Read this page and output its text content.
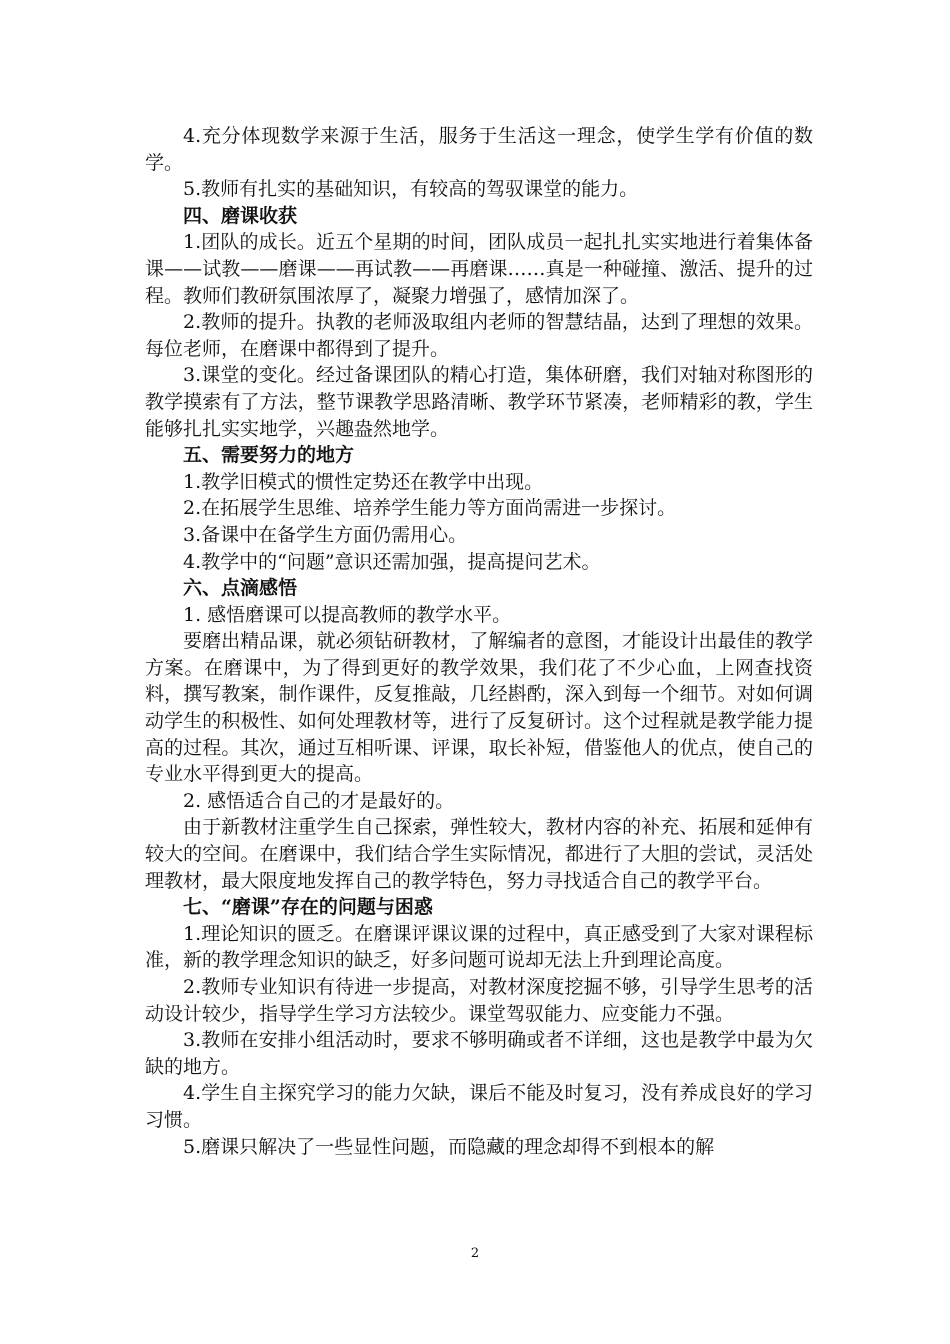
4.充分体现数学来源于生活，服务于生活这一理念，使学生学有价值的数学。

5.教师有扎实的基础知识，有较高的驾驭课堂的能力。

四、磨课收获

1.团队的成长。近五个星期的时间，团队成员一起扎扎实实地进行着集体备课——试教——磨课——再试教——再磨课……真是一种碰撞、激活、提升的过程。教师们教研氛围浓厚了，凝聚力增强了，感情加深了。

2.教师的提升。执教的老师汲取组内老师的智慧结晶，达到了理想的效果。每位老师，在磨课中都得到了提升。

3.课堂的变化。经过备课团队的精心打造，集体研磨，我们对轴对称图形的教学摸索有了方法，整节课教学思路清晰、教学环节紧凑，老师精彩的教，学生能够扎扎实实地学，兴趣盎然地学。

五、需要努力的地方

1.教学旧模式的惯性定势还在教学中出现。

2.在拓展学生思维、培养学生能力等方面尚需进一步探讨。

3.备课中在备学生方面仍需用心。

4.教学中的“问题”意识还需加强，提高提问艺术。

六、点滴感悟

1. 感悟磨课可以提高教师的教学水平。

要磨出精品课，就必须钻研教材，了解编者的意图，才能设计出最佳的教学方案。在磨课中，为了得到更好的教学效果，我们花了不少心血，上网查找资料，撰写教案，制作课件，反复推敲，几经斟酌，深入到每一个细节。对如何调动学生的积极性、如何处理教材等，进行了反复研讨。这个过程就是教学能力提高的过程。其次，通过互相听课、评课，取长补短，借鉴他人的优点，使自己的专业水平得到更大的提高。

2. 感悟适合自己的才是最好的。

由于新教材注重学生自己探索，弹性较大，教材内容的补充、拓展和延伸有较大的空间。在磨课中，我们结合学生实际情况，都进行了大胆的尝试，灵活处理教材，最大限度地发挥自己的教学特色，努力寻找适合自己的教学平台。

七、“磨课”存在的问题与困惑

1.理论知识的匮乏。在磨课评课议课的过程中，真正感受到了大家对课程标准，新的教学理念知识的缺乏，好多问题可说却无法上升到理论高度。

2.教师专业知识有待进一步提高，对教材深度挖掘不够，引导学生思考的活动设计较少，指导学生学习方法较少。课堂驾驭能力、应变能力不强。

3.教师在安排小组活动时，要求不够明确或者不详细，这也是教学中最为欠缺的地方。

4.学生自主探究学习的能力欠缺，课后不能及时复习，没有养成良好的学习习惯。

5.磨课只解决了一些显性问题，而隐藏的理念却得不到根本的解

2
